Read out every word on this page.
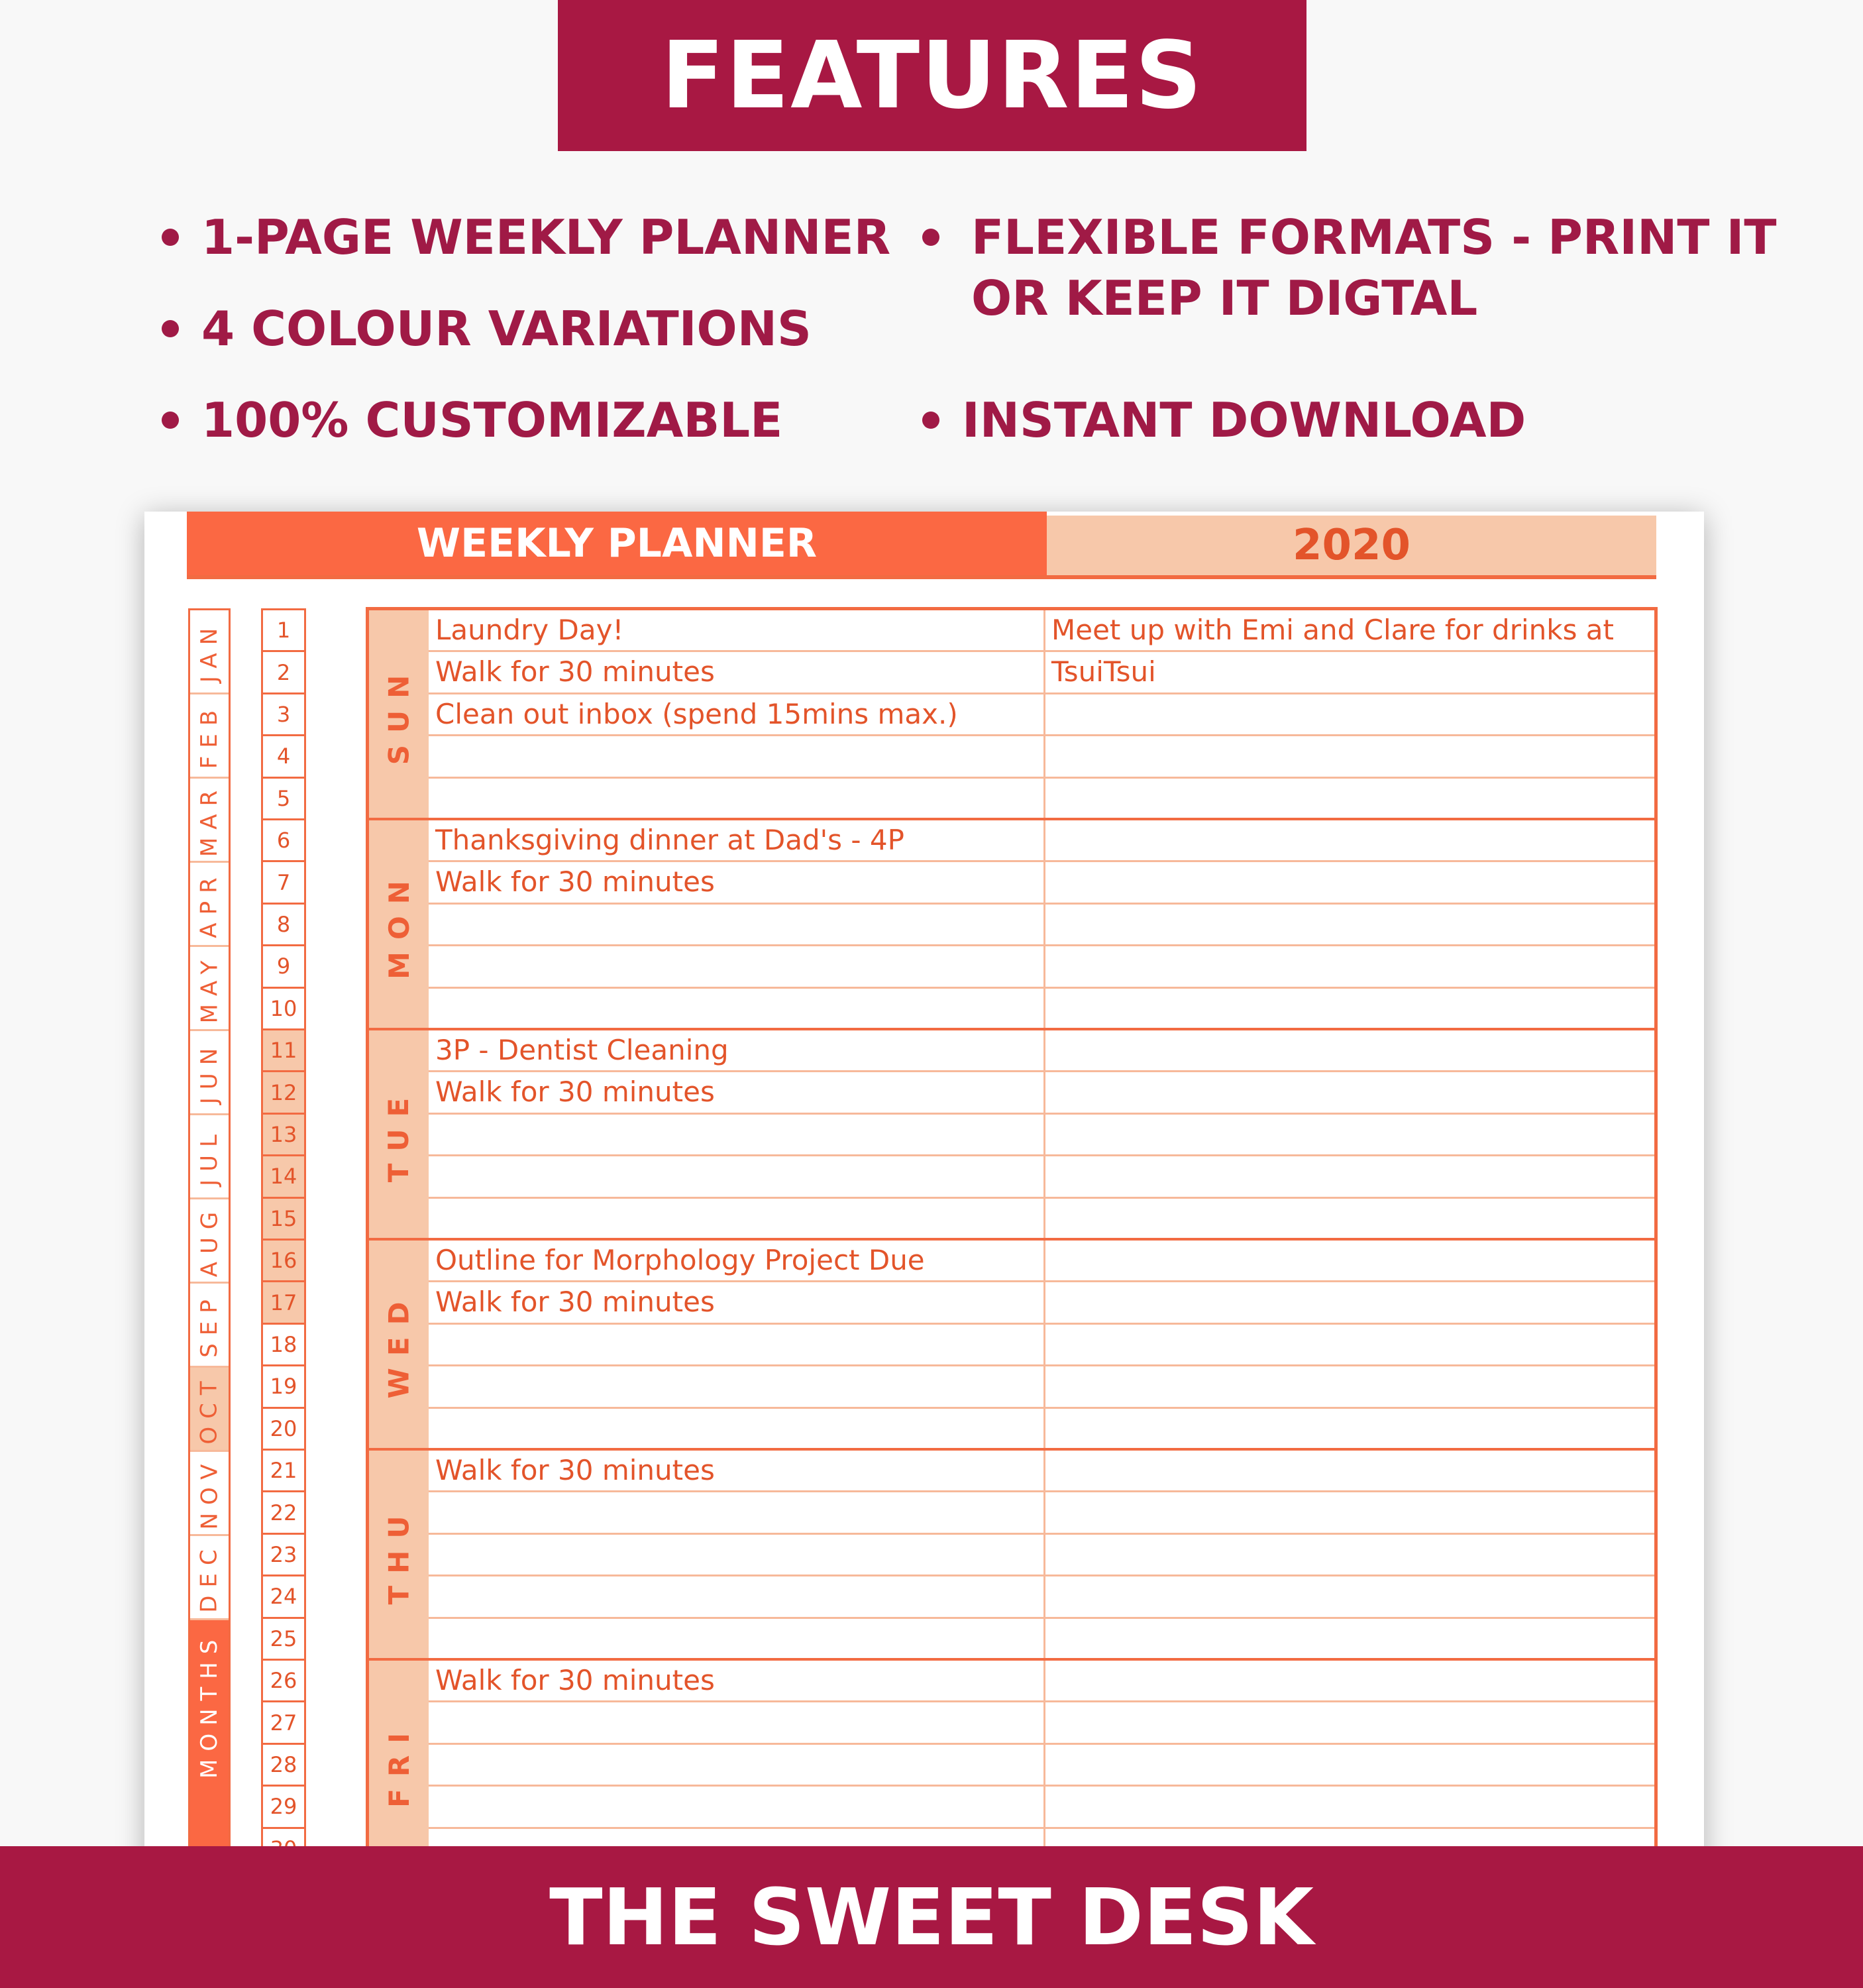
FEATURES
1-PAGE WEEKLY PLANNER
4 COLOUR VARIATIONS
100% CUSTOMIZABLE
FLEXIBLE FORMATS - PRINT IT
OR KEEP IT DIGTAL
INSTANT DOWNLOAD
WEEKLY PLANNER	2020
JAN
FEB
MAR
APR
MAY
JUN
JUL
AUG
SEP
OCT
NOV
DEC
MONTHS
1
2
3
4
5
6
7
8
9
10
11
12
13
14
15
16
17
18
19
20
21
22
23
24
25
26
27
28
29
SUN
Laundry Day!
Walk for 30 minutes
Clean out inbox (spend 15mins max.)
Meet up with Emi and Clare for drinks at
TsuiTsui
MON
Thanksgiving dinner at Dad's - 4P
Walk for 30 minutes
TUE
3P - Dentist Cleaning
Walk for 30 minutes
WED
Outline for Morphology Project Due
Walk for 30 minutes
THU
Walk for 30 minutes
FRI
Walk for 30 minutes
THE SWEET DESK
